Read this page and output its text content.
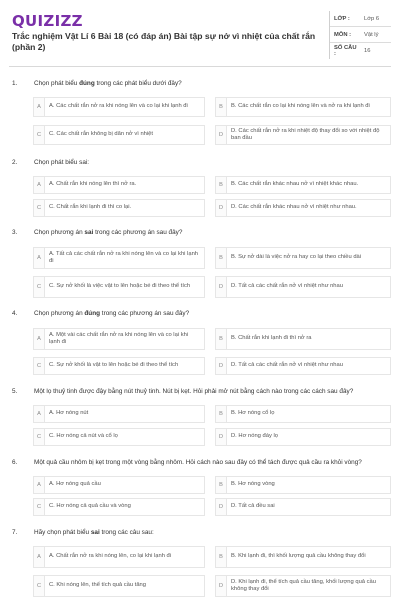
QUIZIZZ
Trắc nghiệm Vật Lí 6 Bài 18 (có đáp án) Bài tập sự nở vì nhiệt của chất rắn (phần 2)
LỚP :	Lớp 6
MÔN :	Vật lý
SỐ CÂU :	16
1.	Chọn phát biểu đúng trong các phát biểu dưới đây?
A	A. Các chất rắn nở ra khi nóng lên và co lại khi lạnh đi	B	B. Các chất rắn co lại khi nóng lên và nở ra khi lạnh đi
C	C. Các chất rắn không bị dãn nở vì nhiệt	D
D. Các chất rắn nở ra khi nhiệt độ thay đổi so với nhiệt độ ban đầu
2.	Chọn phát biểu sai:
A	A. Chất rắn khi nóng lên thì nở ra.	B	B. Các chất rắn khác nhau nở vì nhiệt khác nhau.
C	C. Chất rắn khi lạnh đi thì co lại.	D	D. Các chất rắn khác nhau nở vì nhiệt như nhau.
3.	Chọn phương án sai trong các phương án sau đây?
A
A. Tất cả các chất rắn nở ra khi nóng lên và co lại khi lạnh đi	B	B. Sự nở dài là việc nở ra hay co lại theo chiều dài
C	C. Sự nở khối là việc vật to lên hoặc bé đi theo thể tích	D	D. Tất cả các chất rắn nở vì nhiệt như nhau
4.	Chọn phương án đúng trong các phương án sau đây?
A
A. Một vài các chất rắn nở ra khi nóng lên và co lại khi lạnh đi	B	B. Chất rắn khi lạnh đi thì nở ra
C	C. Sự nở khối là vật to lên hoặc bé đi theo thể tích	D	D. Tất cả các chất rắn nở vì nhiệt như nhau
5.	Một lọ thuỷ tinh được đậy bằng nút thuỷ tinh. Nút bị kẹt. Hỏi phải mở nút bằng cách nào trong các cách sau đây?
A	A. Hơ nóng nút	B	B. Hơ nóng cổ lọ
C	C. Hơ nóng cả nút và cổ lọ	D	D. Hơ nóng đáy lọ
6.	Một quả cầu nhôm bị kẹt trong một vòng bằng nhôm. Hỏi cách nào sau đây có thể tách được quả cầu ra khỏi vòng?
A	A. Hơ nóng quả cầu	B	B. Hơ nóng vòng
C	C. Hơ nóng cả quả cầu và vòng	D	D. Tất cả đều sai
7.	Hãy chọn phát biểu sai trong các câu sau:
A	A. Chất rắn nở ra khi nóng lên, co lại khi lạnh đi	B	B. Khi lạnh đi, thì khối lượng quả cầu không thay đổi
C	C. Khi nóng lên, thể tích quả cầu tăng	D
D. Khi lạnh đi, thể tích quả cầu tăng, khối lượng quả cầu không thay đổi
